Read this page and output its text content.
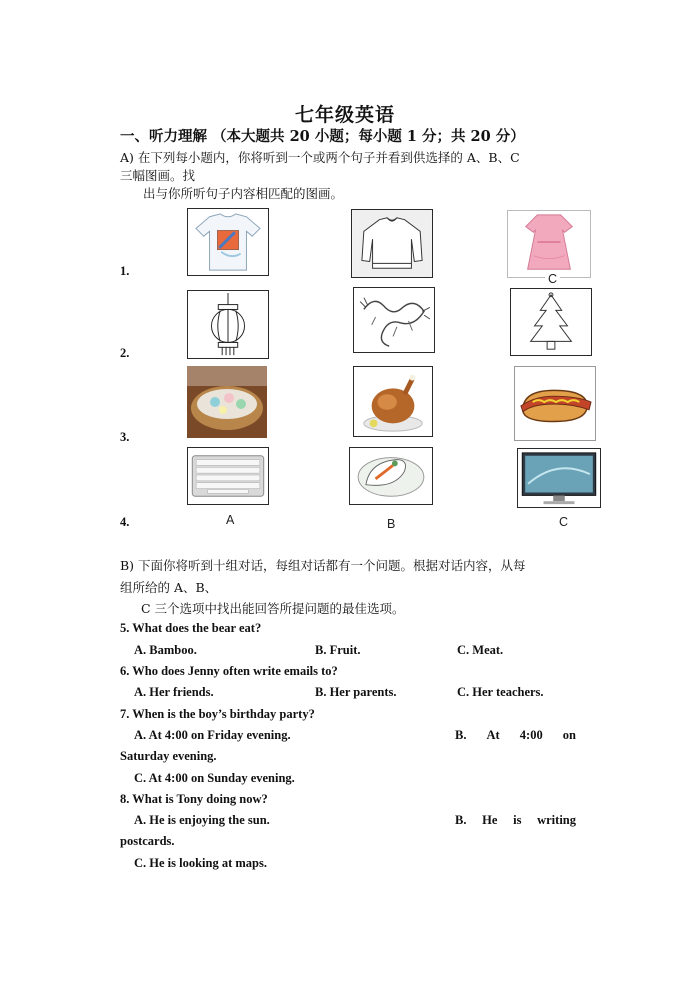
七年级英语
一、听力理解 （本大题共 20 小题；每小题 1 分；共 20 分）
A) 在下列每小题内，你将听到一个或两个句子并看到供选择的 A、B、C
三幅图画。找
出与你所听句子内容相匹配的图画。
1.
2.
3.
4.
C
A	B	C
B) 下面你将听到十组对话，每组对话都有一个问题。根据对话内容，从每
组所给的 A、B、
C 三个选项中找出能回答所提问题的最佳选项。
5. What does the bear eat?
A. Bamboo.	B. Fruit.	C. Meat.
6. Who does Jenny often write emails to?
A. Her friends.	B. Her parents.	C. Her teachers.
7. When is the boy’s birthday party?
A. At 4:00 on Friday evening.	B. At 4:00 on
Saturday evening.
C. At 4:00 on Sunday evening.
8. What is Tony doing now?
A. He is enjoying the sun.	B. He is writing
postcards.
C. He is looking at maps.
